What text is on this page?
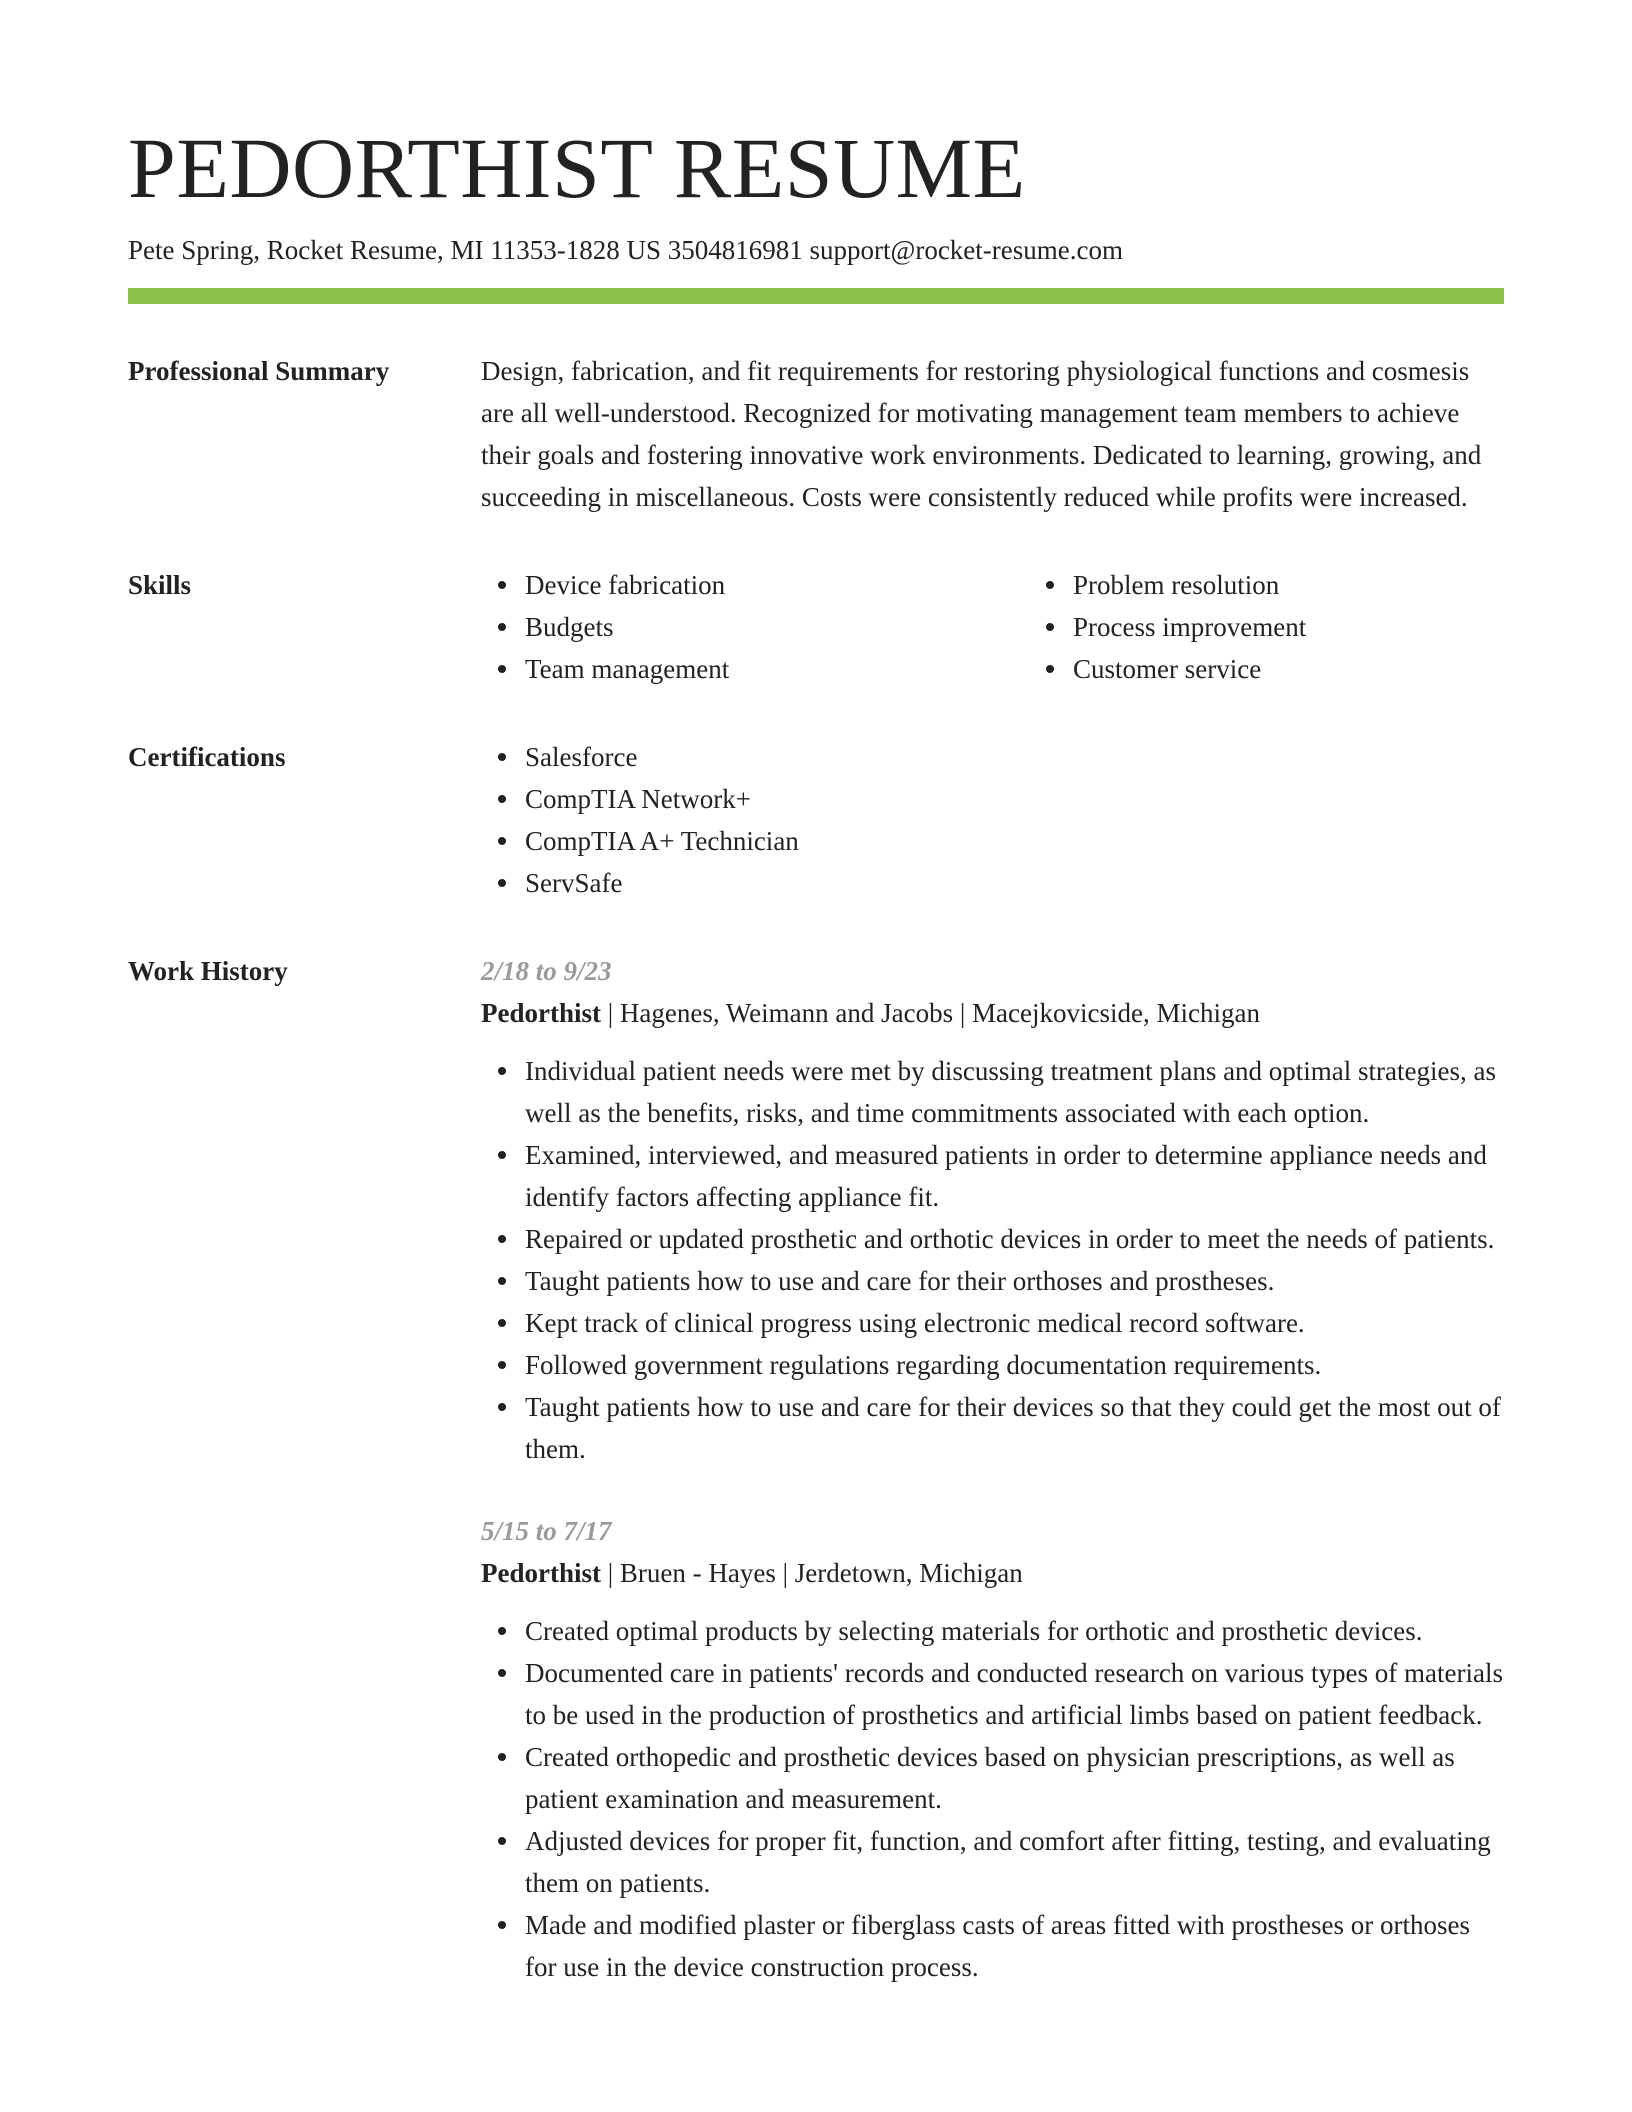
PEDORTHIST RESUME
Pete Spring, Rocket Resume, MI 11353-1828 US 3504816981 support@rocket-resume.com
Professional Summary	Design, fabrication, and fit requirements for restoring physiological functions and cosmesis are all well-understood. Recognized for motivating management team members to achieve their goals and fostering innovative work environments. Dedicated to learning, growing, and succeeding in miscellaneous. Costs were consistently reduced while profits were increased.

Skills	Device fabrication
Budgets
Team management
Problem resolution
Process improvement
Customer service
Certifications	Salesforce
CompTIA Network+
CompTIA A+ Technician
ServSafe
Work History	2/18 to 9/23
Pedorthist | Hagenes, Weimann and Jacobs | Macejkovicside, Michigan
Individual patient needs were met by discussing treatment plans and optimal strategies, as well as the benefits, risks, and time commitments associated with each option.
Examined, interviewed, and measured patients in order to determine appliance needs and identify factors affecting appliance fit.
Repaired or updated prosthetic and orthotic devices in order to meet the needs of patients.
Taught patients how to use and care for their orthoses and prostheses.
Kept track of clinical progress using electronic medical record software.
Followed government regulations regarding documentation requirements.
Taught patients how to use and care for their devices so that they could get the most out of them.
5/15 to 7/17
Pedorthist | Bruen - Hayes | Jerdetown, Michigan
Created optimal products by selecting materials for orthotic and prosthetic devices.
Documented care in patients' records and conducted research on various types of materials to be used in the production of prosthetics and artificial limbs based on patient feedback.
Created orthopedic and prosthetic devices based on physician prescriptions, as well as patient examination and measurement.
Adjusted devices for proper fit, function, and comfort after fitting, testing, and evaluating them on patients.
Made and modified plaster or fiberglass casts of areas fitted with prostheses or orthoses for use in the device construction process.
